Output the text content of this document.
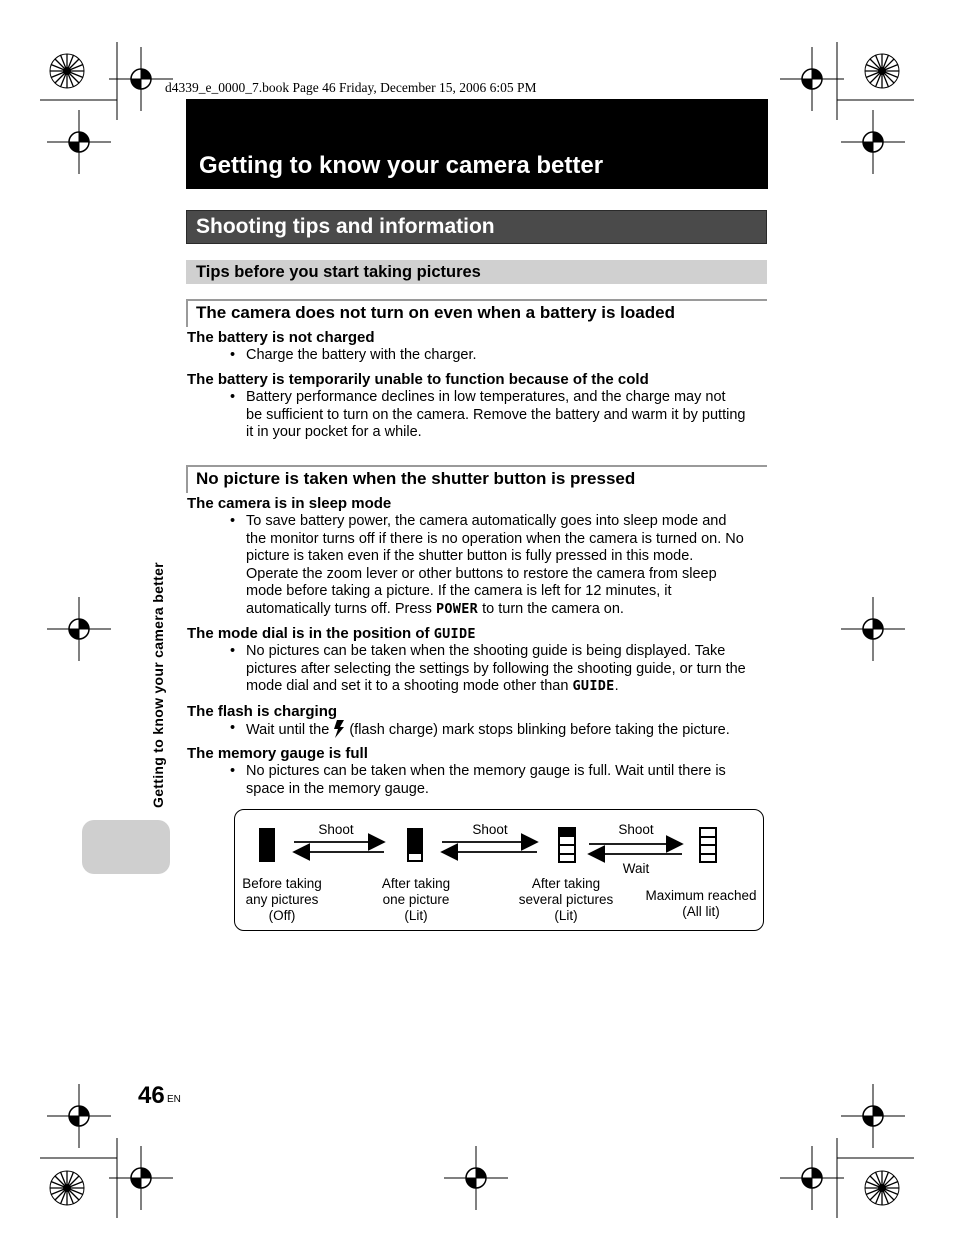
d4339_e_0000_7.book Page 46 Friday, December 15, 2006 6:05 PM
Getting to know your camera better
Shooting tips and information
Tips before you start taking pictures
The camera does not turn on even when a battery is loaded
The battery is not charged
• Charge the battery with the charger.
The battery is temporarily unable to function because of the cold
• Battery performance declines in low temperatures, and the charge may not
be sufficient to turn on the camera. Remove the battery and warm it by putting
it in your pocket for a while.
No picture is taken when the shutter button is pressed
The camera is in sleep mode
• To save battery power, the camera automatically goes into sleep mode and
the monitor turns off if there is no operation when the camera is turned on. No
picture is taken even if the shutter button is fully pressed in this mode.
Operate the zoom lever or other buttons to restore the camera from sleep
mode before taking a picture. If the camera is left for 12 minutes, it
automatically turns off. Press POWER to turn the camera on.
The mode dial is in the position of GUIDE
• No pictures can be taken when the shooting guide is being displayed. Take
pictures after selecting the settings by following the shooting guide, or turn the
mode dial and set it to a shooting mode other than GUIDE.
The flash is charging
• Wait until the (flash charge) mark stops blinking before taking the picture.
The memory gauge is full
• No pictures can be taken when the memory gauge is full. Wait until there is
space in the memory gauge.
Shoot	Shoot	Shoot
Wait
Before taking
any pictures
(Off)
After taking
one picture
(Lit)
After taking
several pictures
(Lit)
Maximum reached
(All lit)
Getting to know your camera better
46 EN
